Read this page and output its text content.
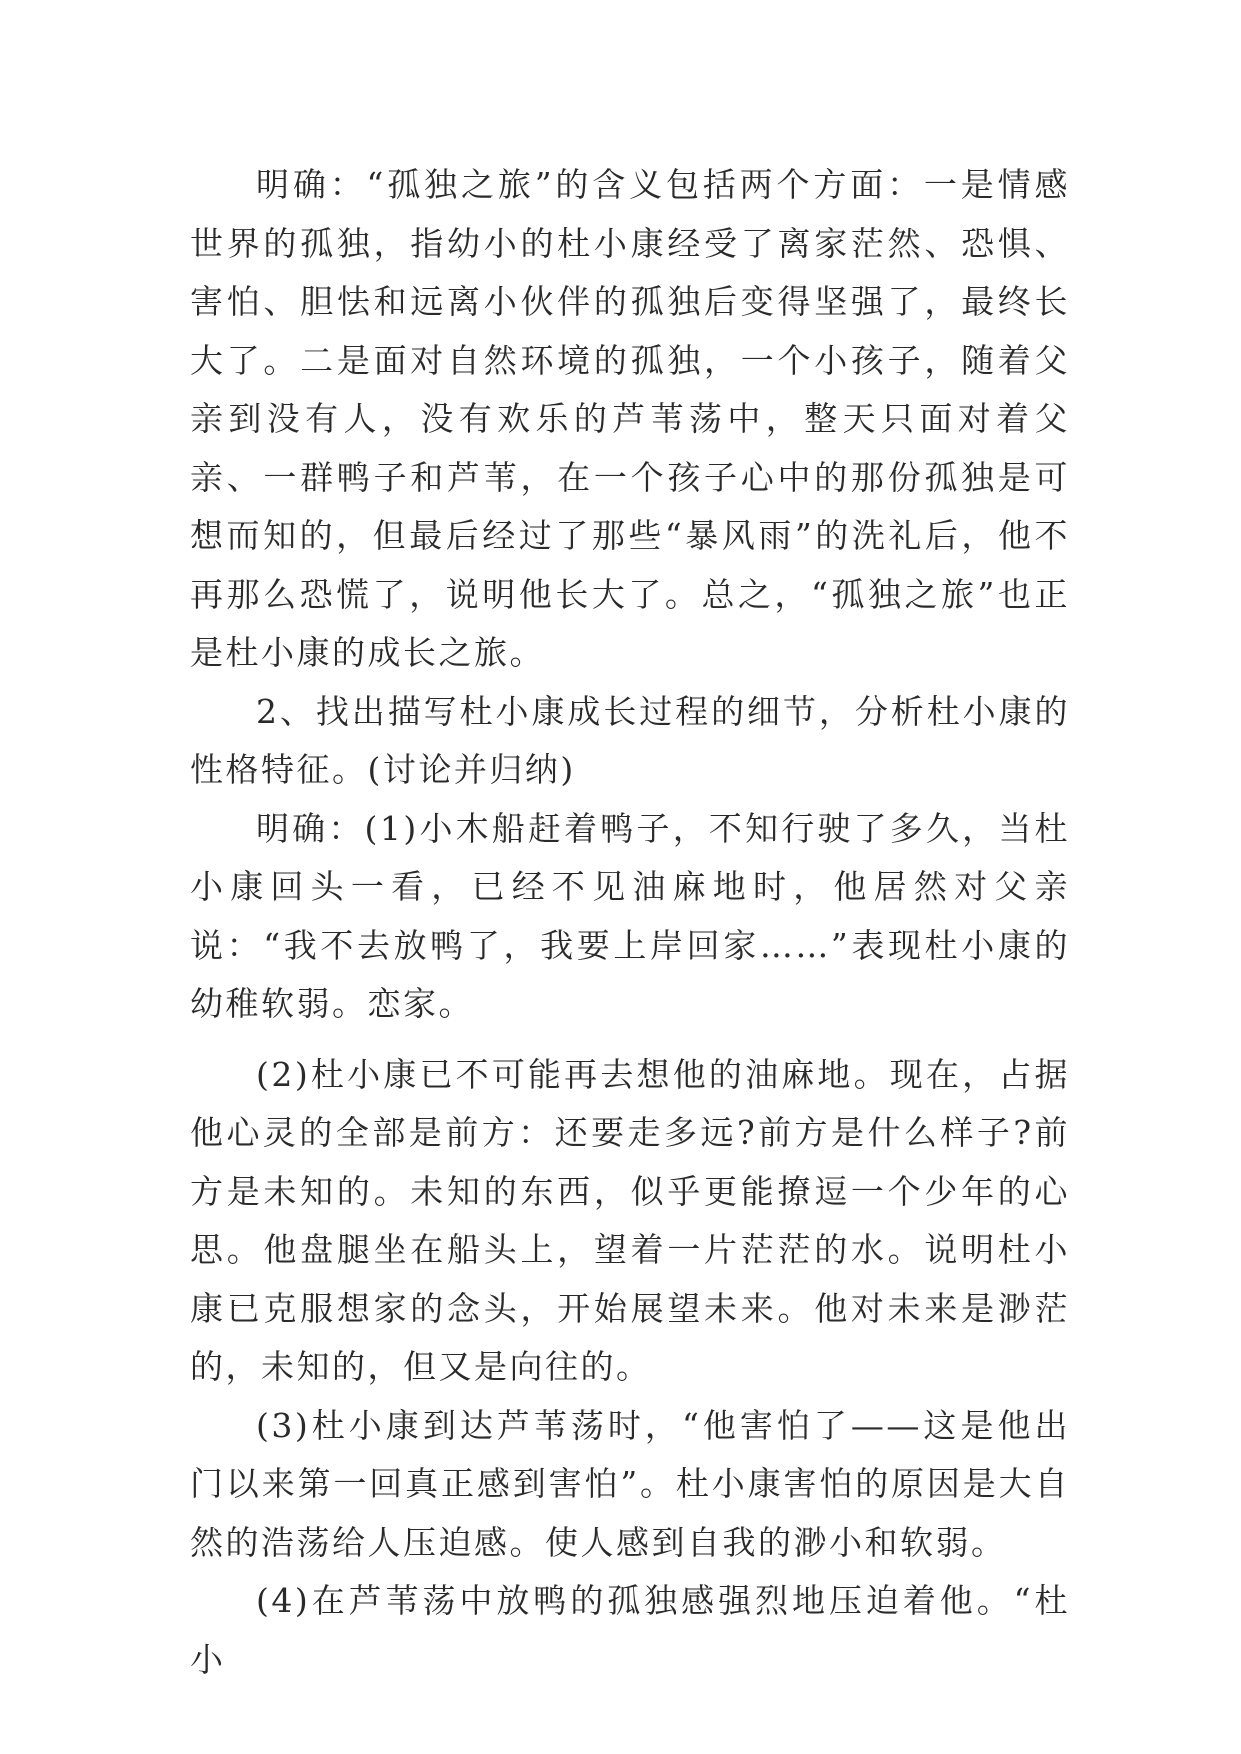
明确：“孤独之旅”的含义包括两个方面：一是情感世界的孤独，指幼小的杜小康经受了离家茫然、恐惧、害怕、胆怯和远离小伙伴的孤独后变得坚强了，最终长大了。二是面对自然环境的孤独，一个小孩子，随着父亲到没有人，没有欢乐的芦苇荡中，整天只面对着父亲、一群鸭子和芦苇，在一个孩子心中的那份孤独是可想而知的，但最后经过了那些“暴风雨”的洗礼后，他不再那么恐慌了，说明他长大了。总之，“孤独之旅”也正是杜小康的成长之旅。

2、找出描写杜小康成长过程的细节，分析杜小康的性格特征。(讨论并归纳)

明确：(1)小木船赶着鸭子，不知行驶了多久，当杜小康回头一看，已经不见油麻地时，他居然对父亲说：“我不去放鸭了，我要上岸回家……”表现杜小康的幼稚软弱。恋家。

(2)杜小康已不可能再去想他的油麻地。现在，占据他心灵的全部是前方：还要走多远?前方是什么样子?前方是未知的。未知的东西，似乎更能撩逗一个少年的心思。他盘腿坐在船头上，望着一片茫茫的水。说明杜小康已克服想家的念头，开始展望未来。他对未来是渺茫的，未知的，但又是向往的。

(3)杜小康到达芦苇荡时，“他害怕了——这是他出门以来第一回真正感到害怕”。杜小康害怕的原因是大自然的浩荡给人压迫感。使人感到自我的渺小和软弱。

(4)在芦苇荡中放鸭的孤独感强烈地压迫着他。“杜小
